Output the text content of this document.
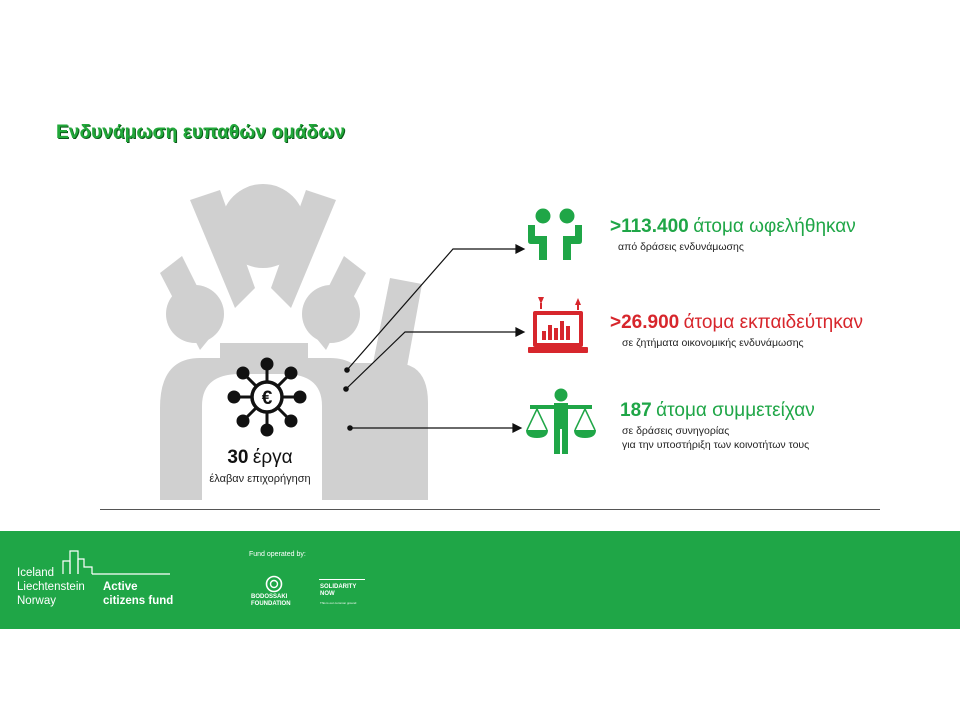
Ενδυνάμωση ευπαθών ομάδων
€
30 έργα
έλαβαν επιχορήγηση
>113.400 άτομα ωφελήθηκαν
από δράσεις ενδυνάμωσης
>26.900 άτομα εκπαιδεύτηκαν
σε ζητήματα οικονομικής ενδυνάμωσης
187 άτομα συμμετείχαν
σε δράσεις συνηγορίας
για την υποστήριξη των κοινοτήτων τους
Iceland
Liechtenstein
Norway
Active
citizens fund
Fund operated by:
BODOSSAKI
FOUNDATION
SOLIDARITY
NOW
This is our common ground
